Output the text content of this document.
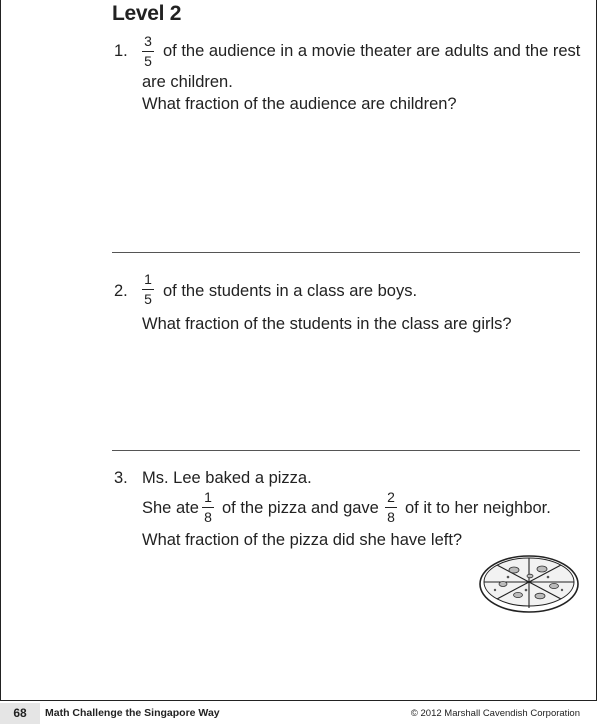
Level 2
1.
3
5
of the audience in a movie theater are adults and the rest
are children.
What fraction of the audience are children?
2.
1
5 of the students in a class are boys.
What fraction of the students in the class are girls?
3. Ms. Lee baked a pizza.
She ate
1
8 of the pizza and gave
2
8 of it to her neighbor.
What fraction of the pizza did she have left?
68	Math Challenge the Singapore Way	© 2012 Marshall Cavendish Corporation
